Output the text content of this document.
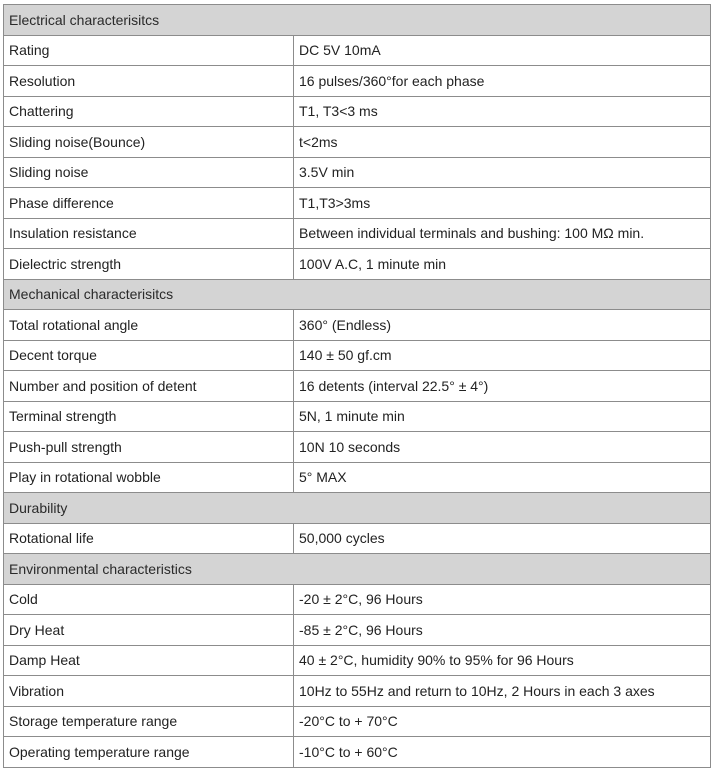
Electrical characterisitcs	
Rating	DC 5V 10mA
Resolution	16 pulses/360°for each phase
Chattering	T1, T3<3 ms
Sliding noise(Bounce)	t<2ms
Sliding noise	3.5V min
Phase difference	T1,T3>3ms
Insulation resistance	Between individual terminals and bushing: 100 MΩ min.
Dielectric strength	100V A.C, 1 minute min
Mechanical characterisitcs	
Total rotational angle	360° (Endless)
Decent torque	140 ± 50 gf.cm
Number and position of detent	16 detents (interval 22.5° ± 4°)
Terminal strength	5N, 1 minute min
Push-pull strength	10N 10 seconds
Play in rotational wobble	5° MAX
Durability	
Rotational life	50,000 cycles
Environmental characteristics	
Cold	-20 ± 2°C, 96 Hours
Dry Heat	-85 ± 2°C, 96 Hours
Damp Heat	40 ± 2°C, humidity 90% to 95% for 96 Hours
Vibration	10Hz to 55Hz and return to 10Hz, 2 Hours in each 3 axes
Storage temperature range	-20°C to + 70°C
Operating temperature range	-10°C to + 60°C
